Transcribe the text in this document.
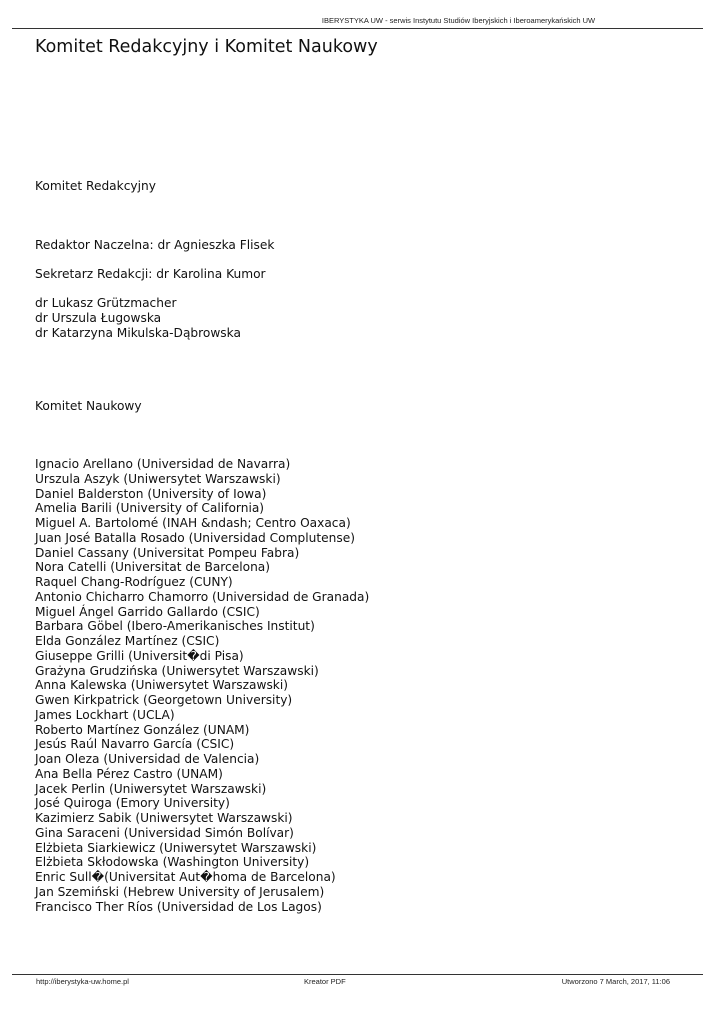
IBERYSTYKA UW - serwis Instytutu Studiów Iberyjskich i Iberoamerykańskich UW
Komitet Redakcyjny i Komitet Naukowy
Komitet Redakcyjny
Redaktor Naczelna: dr Agnieszka Flisek
Sekretarz Redakcji: dr Karolina Kumor
dr Lukasz Grützmacher
dr Urszula Ługowska
dr Katarzyna Mikulska-Dąbrowska
Komitet Naukowy
Ignacio Arellano (Universidad de Navarra)
Urszula Aszyk (Uniwersytet Warszawski)
Daniel Balderston (University of Iowa)
Amelia Barili (University of California)
Miguel A. Bartolomé (INAH &ndash; Centro Oaxaca)
Juan José Batalla Rosado (Universidad Complutense)
Daniel Cassany (Universitat Pompeu Fabra)
Nora Catelli (Universitat de Barcelona)
Raquel Chang-Rodríguez (CUNY)
Antonio Chicharro Chamorro (Universidad de Granada)
Miguel Ángel Garrido Gallardo (CSIC)
Barbara Göbel (Ibero-Amerikanisches Institut)
Elda González Martínez (CSIC)
Giuseppe Grilli (Universit�di Pisa)
Grażyna Grudzińska (Uniwersytet Warszawski)
Anna Kalewska (Uniwersytet Warszawski)
Gwen Kirkpatrick (Georgetown University)
James Lockhart (UCLA)
Roberto Martínez González (UNAM)
Jesús Raúl Navarro García (CSIC)
Joan Oleza (Universidad de Valencia)
Ana Bella Pérez Castro (UNAM)
Jacek Perlin (Uniwersytet Warszawski)
José Quiroga (Emory University)
Kazimierz Sabik (Uniwersytet Warszawski)
Gina Saraceni (Universidad Simón Bolívar)
Elżbieta Siarkiewicz (Uniwersytet Warszawski)
Elżbieta Skłodowska (Washington University)
Enric Sull�(Universitat Aut�homa de Barcelona)
Jan Szemiński (Hebrew University of Jerusalem)
Francisco Ther Ríos (Universidad de Los Lagos)
http://iberystyka-uw.home.pl	Kreator PDF	Utworzono 7 March, 2017, 11:06
